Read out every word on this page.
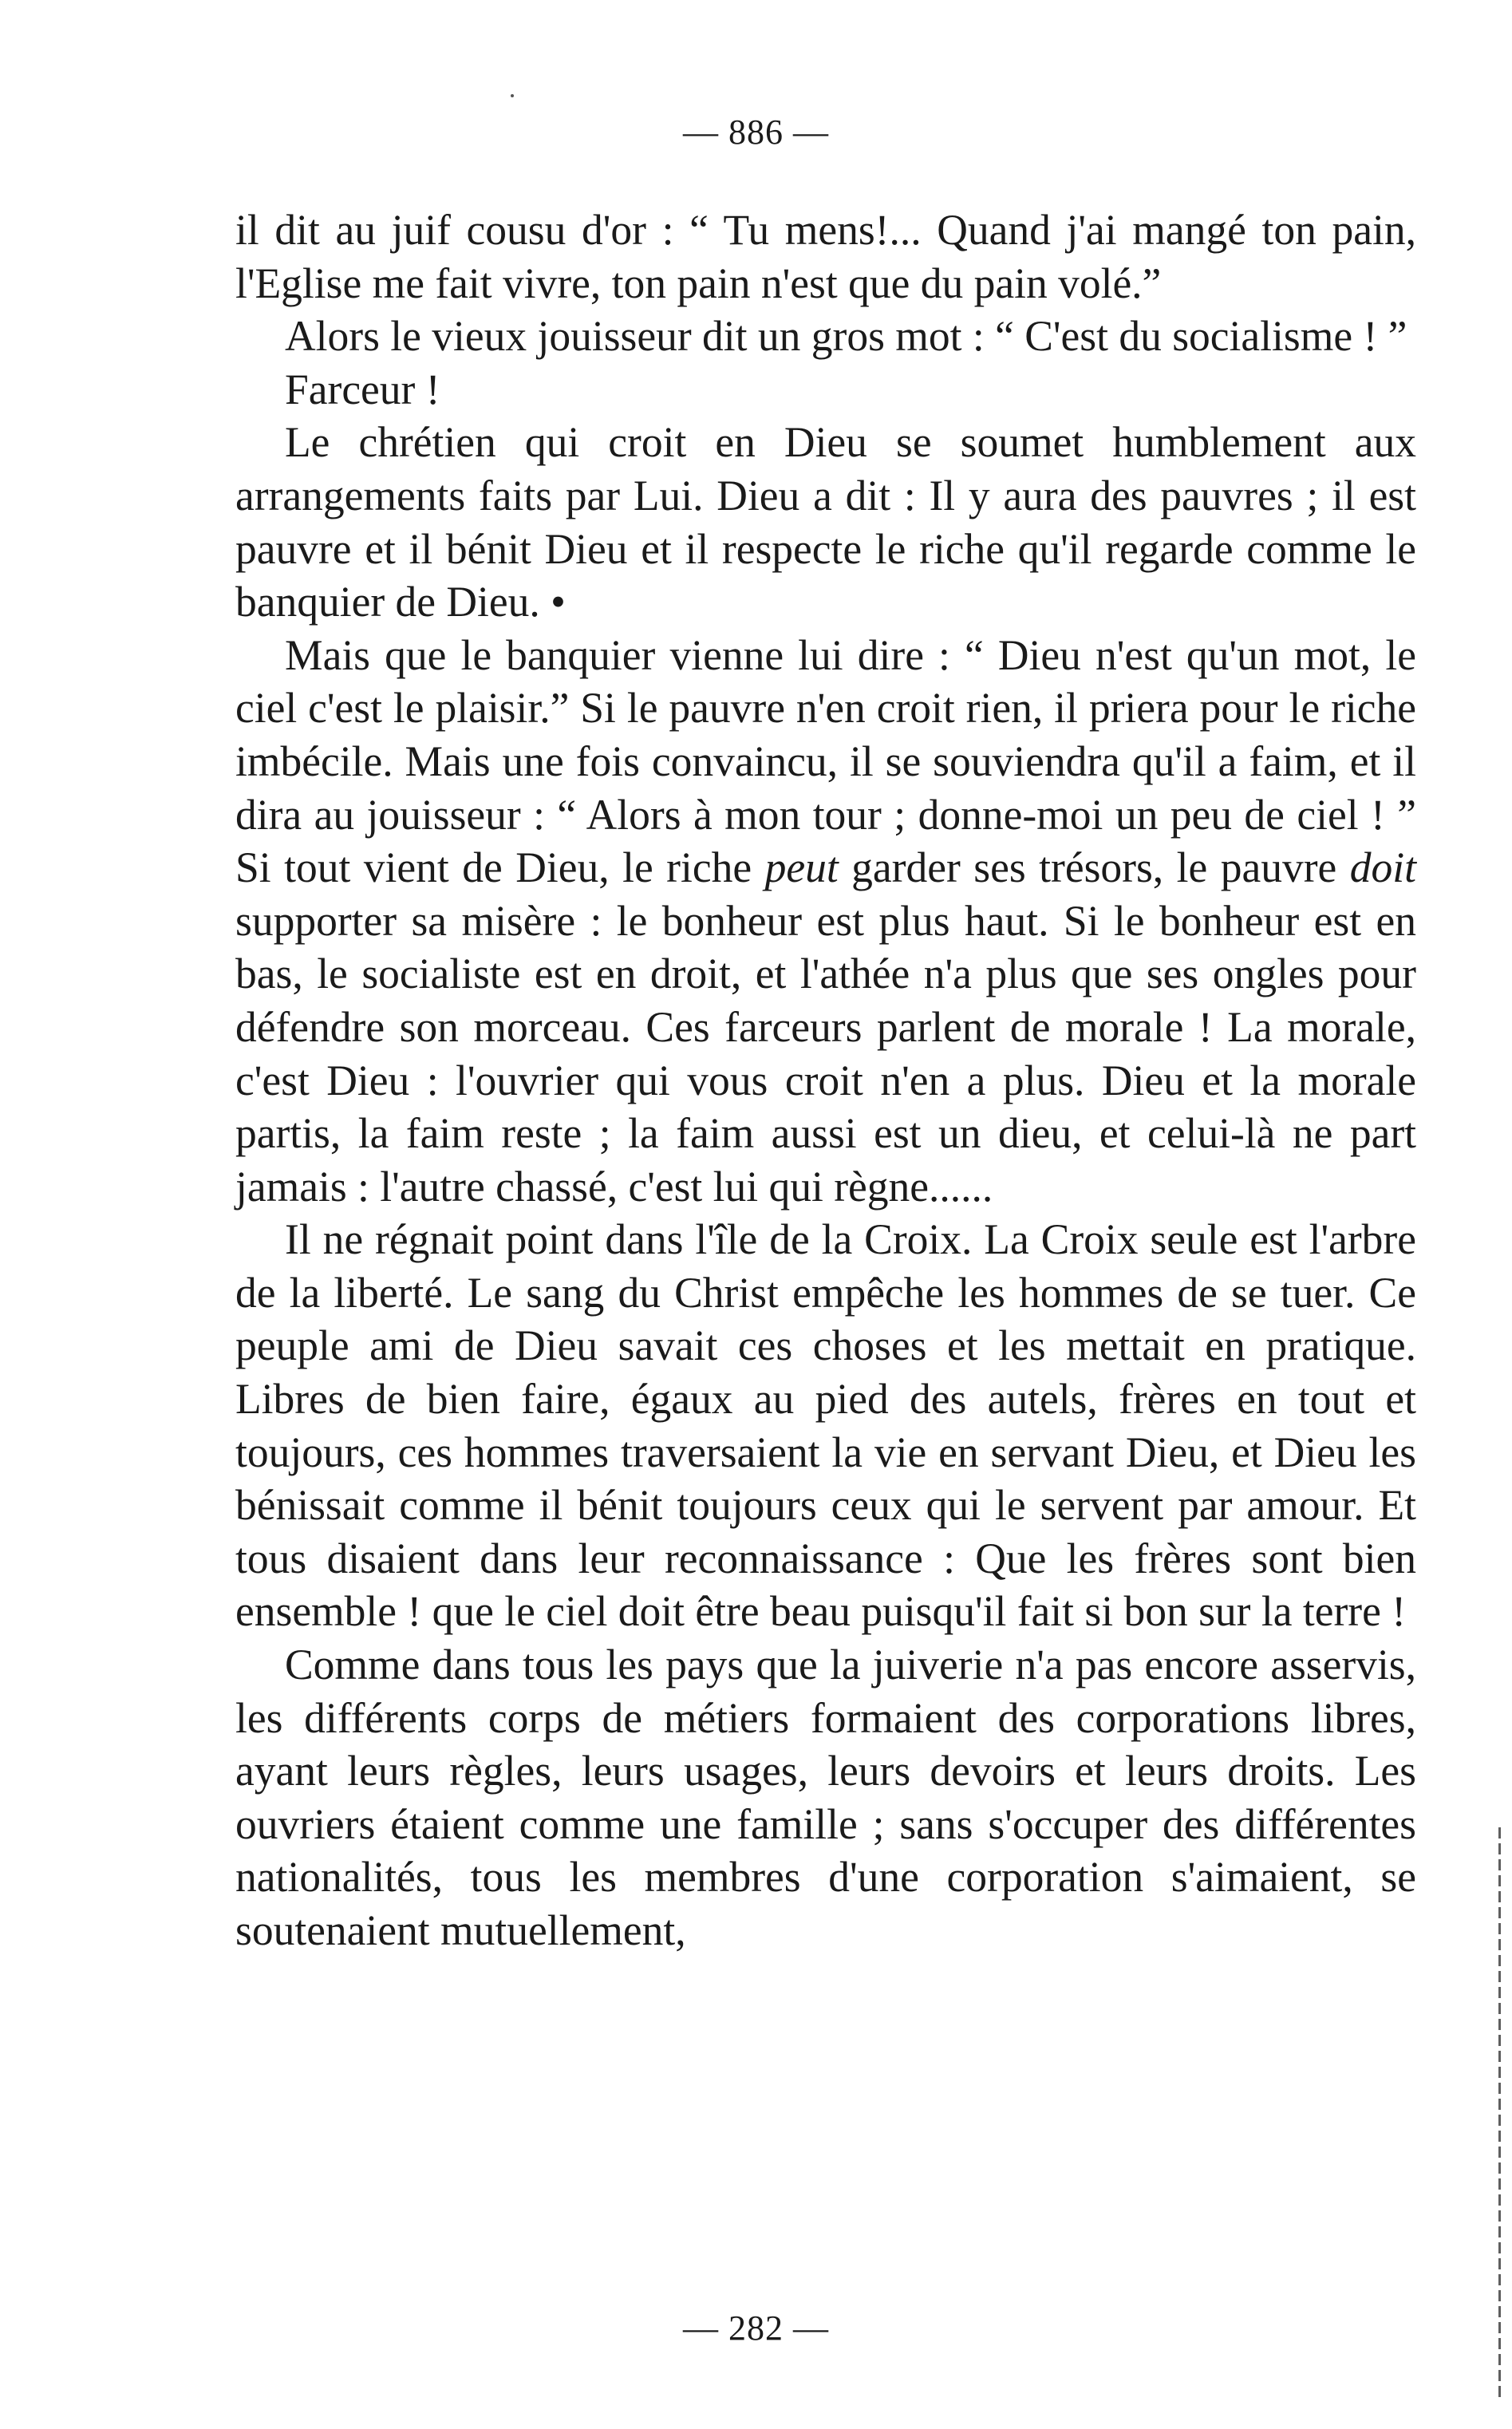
— 886 —

il dit au juif cousu d'or : “ Tu mens!... Quand j'ai mangé ton pain, l'Eglise me fait vivre, ton pain n'est que du pain volé.”

Alors le vieux jouisseur dit un gros mot : “ C'est du socialisme ! ”

Farceur !

Le chrétien qui croit en Dieu se soumet humblement aux arrangements faits par Lui. Dieu a dit : Il y aura des pauvres ; il est pauvre et il bénit Dieu et il respecte le riche qu'il regarde comme le banquier de Dieu. •

Mais que le banquier vienne lui dire : “ Dieu n'est qu'un mot, le ciel c'est le plaisir.” Si le pauvre n'en croit rien, il priera pour le riche imbécile. Mais une fois convaincu, il se souviendra qu'il a faim, et il dira au jouisseur : “ Alors à mon tour ; donne-moi un peu de ciel ! ” Si tout vient de Dieu, le riche peut garder ses trésors, le pauvre doit supporter sa misère : le bonheur est plus haut. Si le bonheur est en bas, le socialiste est en droit, et l'athée n'a plus que ses ongles pour défendre son morceau. Ces farceurs parlent de morale ! La morale, c'est Dieu : l'ouvrier qui vous croit n'en a plus. Dieu et la morale partis, la faim reste ; la faim aussi est un dieu, et celui-là ne part jamais : l'autre chassé, c'est lui qui règne......

Il ne régnait point dans l'île de la Croix. La Croix seule est l'arbre de la liberté. Le sang du Christ empêche les hommes de se tuer. Ce peuple ami de Dieu savait ces choses et les mettait en pratique. Libres de bien faire, égaux au pied des autels, frères en tout et toujours, ces hommes traversaient la vie en servant Dieu, et Dieu les bénissait comme il bénit toujours ceux qui le servent par amour. Et tous disaient dans leur reconnaissance : Que les frères sont bien ensemble ! que le ciel doit être beau puisqu'il fait si bon sur la terre !

Comme dans tous les pays que la juiverie n'a pas encore asservis, les différents corps de métiers formaient des corporations libres, ayant leurs règles, leurs usages, leurs devoirs et leurs droits. Les ouvriers étaient comme une famille ; sans s'occuper des différentes nationalités, tous les membres d'une corporation s'aimaient, se soutenaient mutuellement,

— 282 —
